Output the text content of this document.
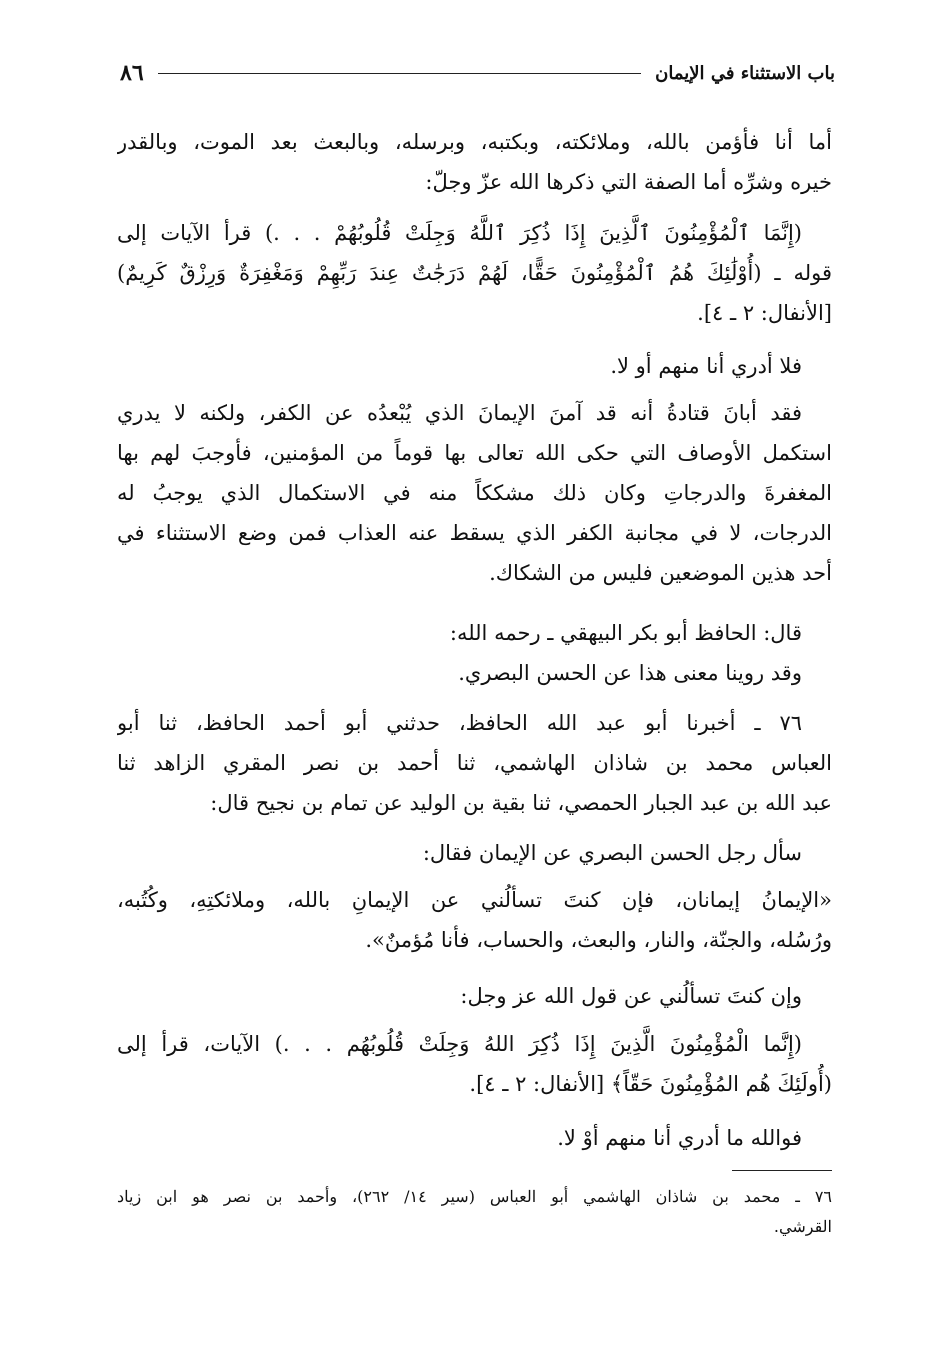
باب الاستثناء في الإيمان
٨٦
أما أنا فأؤمن بالله، وملائكته، وبكتبه، وبرسله، وبالبعث بعد الموت، وبالقدر
خيره وشرِّه أما الصفة التي ذكرها الله عزّ وجلّ:
(إِنَّمَا ٱلْمُؤْمِنُونَ ٱلَّذِينَ إِذَا ذُكِرَ ٱللَّهُ وَجِلَتْ قُلُوبُهُمْ . . .) قرأ الآيات إلى
قوله ـ (أُوْلَٰئِكَ هُمُ ٱلْمُؤْمِنُونَ حَقًّا، لَهُمْ دَرَجَٰتٌ عِندَ رَبِّهِمْ وَمَغْفِرَةٌ وَرِزْقٌ كَرِيمٌ)
[الأنفال: ٢ ـ ٤].
فلا أدري أنا منهم أو لا.
فقد أبانَ قتادةُ أنه قد آمنَ الإيمانَ الذي يُبْعدُه عن الكفر، ولكنه لا يدري
استكمل الأوصاف التي حكى الله تعالى بها قوماً من المؤمنين، فأوجبَ لهم بها
المغفرةَ والدرجاتِ وكان ذلك مشككاً منه في الاستكمال الذي يوجبُ له
الدرجات، لا في مجانبة الكفر الذي يسقط عنه العذاب فمن وضع الاستثناء في
أحد هذين الموضعين فليس من الشكاك.
قال: الحافظ أبو بكر البيهقي ـ رحمه الله:
وقد روينا معنى هذا عن الحسن البصري.
٧٦ ـ أخبرنا أبو عبد الله الحافظ، حدثني أبو أحمد الحافظ، ثنا أبو
العباس محمد بن شاذان الهاشمي، ثنا أحمد بن نصر المقري الزاهد ثنا
عبد الله بن عبد الجبار الحمصي، ثنا بقية بن الوليد عن تمام بن نجيح قال:
سأل رجل الحسن البصري عن الإيمان فقال:
«الإيمانُ إيمانان، فإن كنتَ تسألُني عن الإيمانِ بالله، وملائكتِهِ، وكُتُبه،
ورُسُله، والجنّة، والنار، والبعث، والحساب، فأنا مُؤمنٌ».
وإن كنتَ تسألُني عن قول الله عز وجل:
(إِنَّما الْمُؤْمِنُونَ الَّذِينَ إِذَا ذُكِرَ اللهُ وَجِلَتْ قُلُوبُهُم . . .) الآيات، قرأ إلى
(أُولَئِكَ هُم المُؤْمِنُونَ حَقّاً﴾ [الأنفال: ٢ ـ ٤].
فوالله ما أدري أنا منهم أوْ لا.
٧٦ ـ محمد بن شاذان الهاشمي أبو العباس (سير ١٤/ ٢٦٢)، وأحمد بن نصر هو ابن زياد
القرشي.
